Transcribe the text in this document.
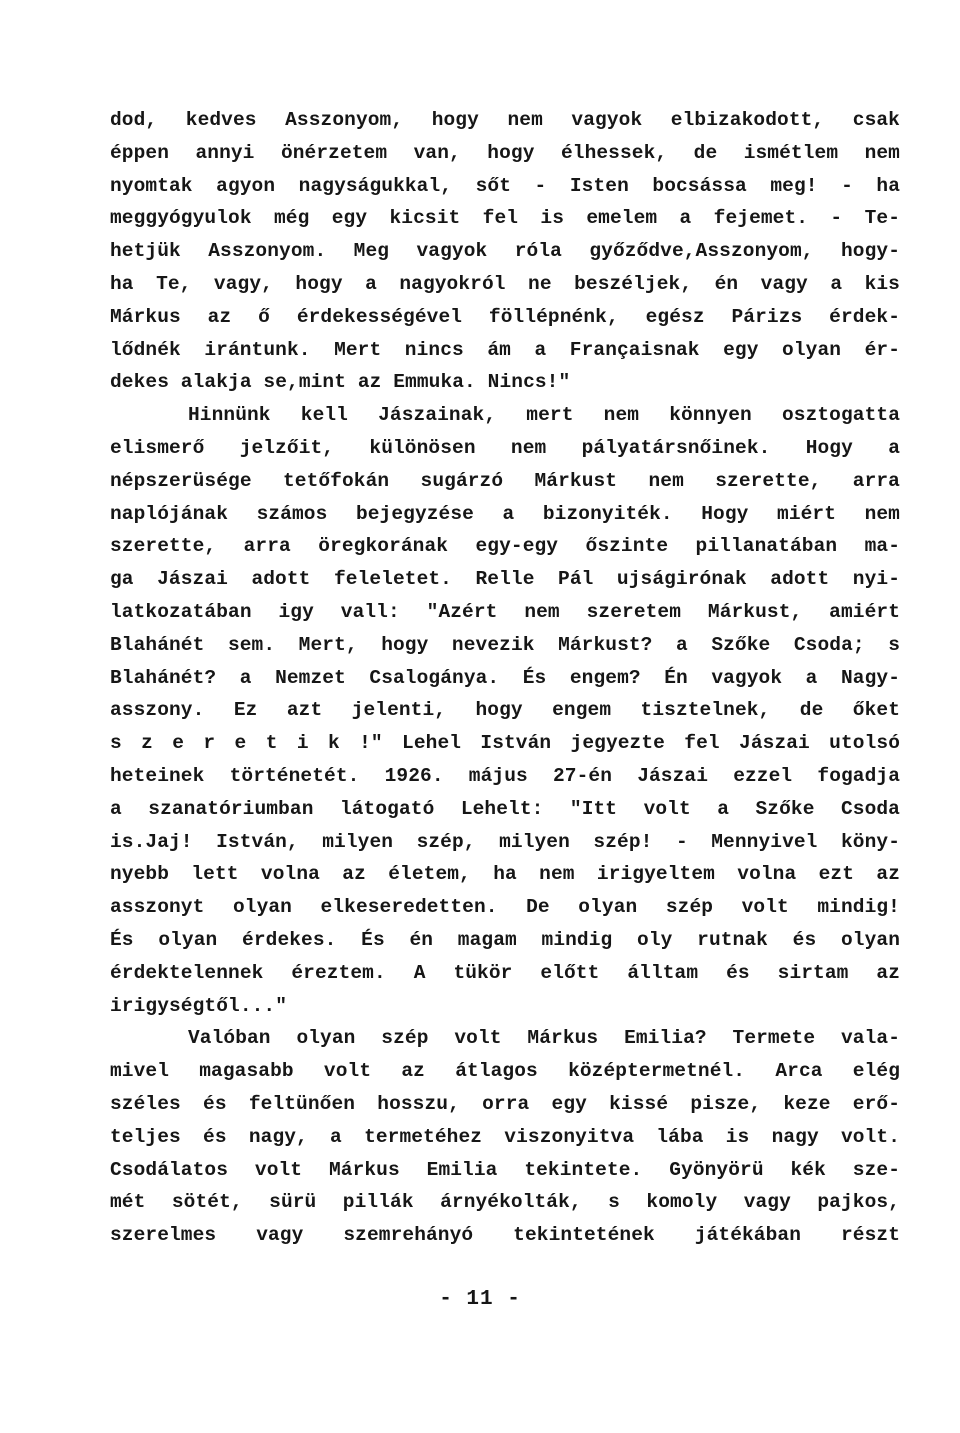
dod, kedves Asszonyom, hogy nem vagyok elbizakodott, csak
éppen annyi önérzetem van, hogy élhessek, de ismétlem nem
nyomtak agyon nagyságukkal, sőt - Isten bocsássa meg! - ha
meggyógyulok még egy kicsit fel is emelem a fejemet. - Te-
hetjük Asszonyom. Meg vagyok róla győződve,Asszonyom, hogy-
ha Te, vagy, hogy a nagyokról ne beszéljek, én vagy a kis
Márkus az ő érdekességével föllépnénk, egész Párizs érdek-
lődnék irántunk. Mert nincs ám a Françaisnak egy olyan ér-
dekes alakja se,mint az Emmuka. Nincs!"
Hinnünk kell Jászainak, mert nem könnyen osztogatta
elismerő jelzőit, különösen nem pályatársnőinek. Hogy a
népszerüsége tetőfokán sugárzó Márkust nem szerette, arra
naplójának számos bejegyzése a bizonyiték. Hogy miért nem
szerette, arra öregkorának egy-egy őszinte pillanatában ma-
ga Jászai adott feleletet. Relle Pál ujságirónak adott nyi-
latkozatában igy vall: "Azért nem szeretem Márkust, amiért
Blahánét sem. Mert, hogy nevezik Márkust? a Szőke Csoda; s
Blahánét? a Nemzet Csalogánya. És engem? Én vagyok a Nagy-
asszony. Ez azt jelenti, hogy engem tisztelnek, de őket
s z e r e t i k !" Lehel István jegyezte fel Jászai utolsó
heteinek történetét. 1926. május 27-én Jászai ezzel fogadja
a szanatóriumban látogató Lehelt: "Itt volt a Szőke Csoda
is.Jaj! István, milyen szép, milyen szép! - Mennyivel köny-
nyebb lett volna az életem, ha nem irigyeltem volna ezt az
asszonyt olyan elkeseredetten. De olyan szép volt mindig!
És olyan érdekes. És én magam mindig oly rutnak és olyan
érdektelennek éreztem. A tükör előtt álltam és sirtam az
irigységtől..."
Valóban olyan szép volt Márkus Emilia? Termete vala-
mivel magasabb volt az átlagos középtermetnél. Arca elég
széles és feltünően hosszu, orra egy kissé pisze, keze erő-
teljes és nagy, a termetéhez viszonyitva lába is nagy volt.
Csodálatos volt Márkus Emilia tekintete. Gyönyörü kék sze-
mét sötét, sürü pillák árnyékolták, s komoly vagy pajkos,
szerelmes vagy szemrehányó tekintetének játékában részt
- 11 -
